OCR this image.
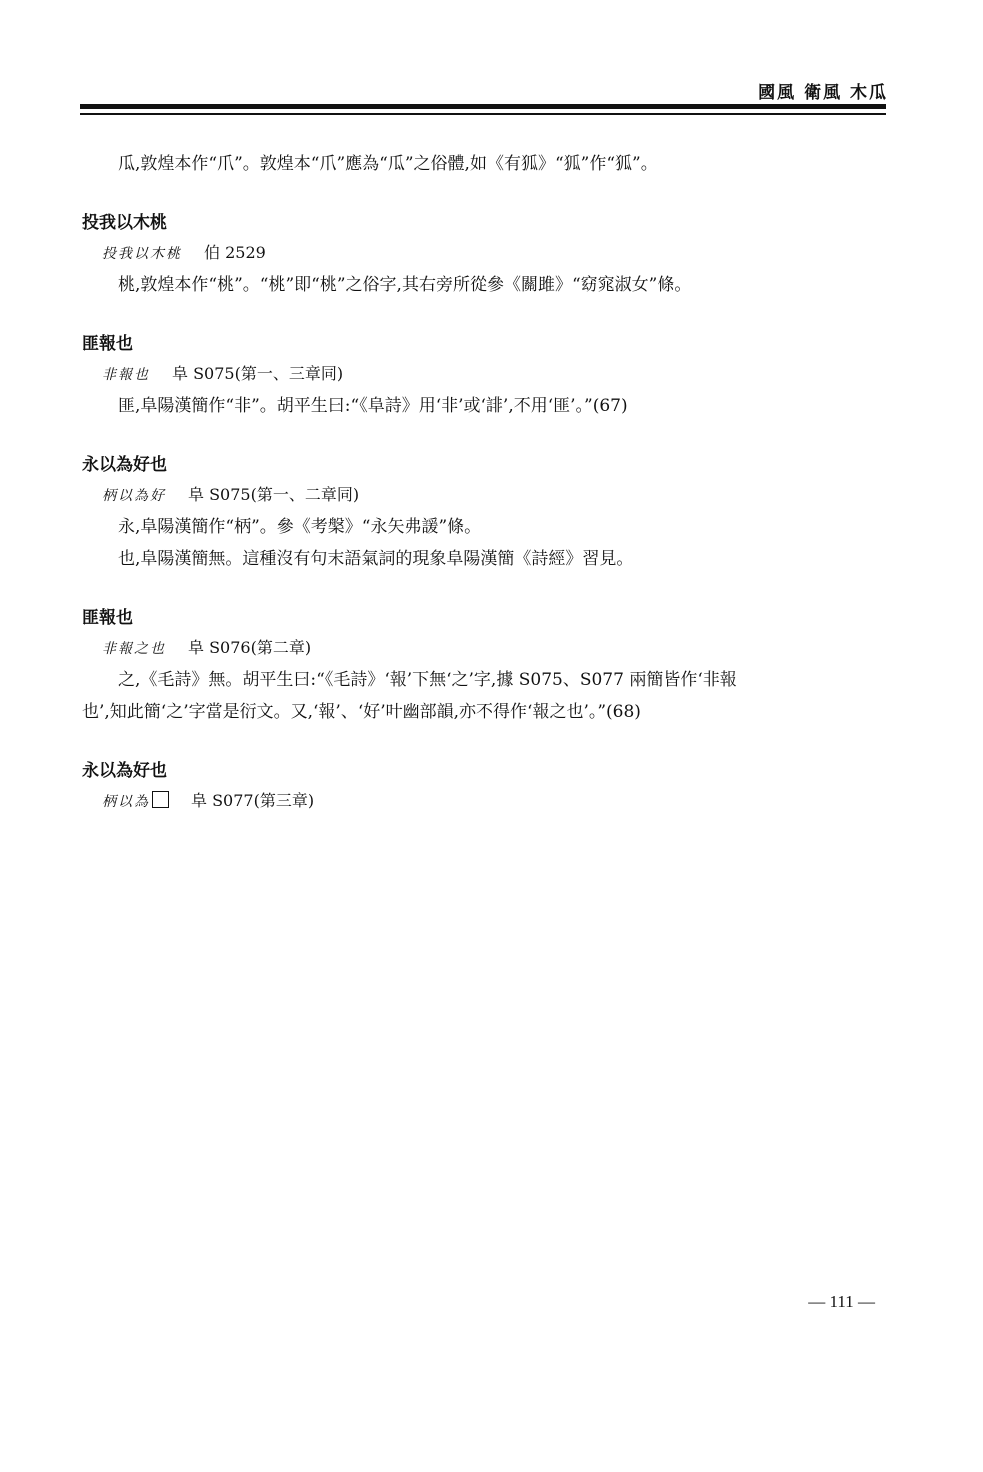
國風 衛風 木瓜

瓜,敦煌本作“爪”。敦煌本“爪”應為“瓜”之俗體,如《有狐》“狐”作“狐”。

投我以木桃

投我以木桃 伯 2529

桃,敦煌本作“桃”。“桃”即“桃”之俗字,其右旁所從參《關雎》“窈窕淑女”條。

匪報也

非報也 阜 S075(第一、三章同)

匪,阜陽漢簡作“非”。胡平生曰:“《阜詩》用‘非’或‘誹’,不用‘匪’。”(67)

永以為好也

柄以為好 阜 S075(第一、二章同)

永,阜陽漢簡作“柄”。參《考槃》“永矢弗諼”條。

也,阜陽漢簡無。這種沒有句末語氣詞的現象阜陽漢簡《詩經》習見。

匪報也

非報之也 阜 S076(第二章)

之,《毛詩》無。胡平生曰:“《毛詩》‘報’下無‘之’字,據 S075、S077 兩簡皆作‘非報

也’,知此簡‘之’字當是衍文。又,‘報’、‘好’叶幽部韻,亦不得作‘報之也’。”(68)

永以為好也

柄以為	阜 S077(第三章)

— 111 —
